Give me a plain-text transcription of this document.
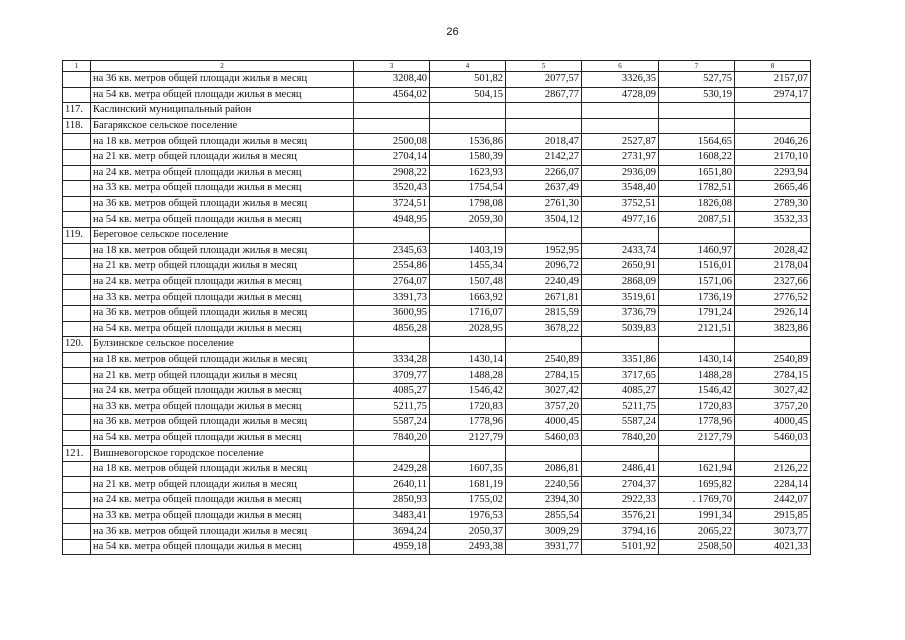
26
1	2	3	4	5	6	7	8
	на 36 кв. метров общей площади жилья в месяц	3208,40	501,82	2077,57	3326,35	527,75	2157,07
	на 54 кв. метра общей площади жилья в месяц	4564,02	504,15	2867,77	4728,09	530,19	2974,17
117.	Каслинский муниципальный район						
118.	Багарякское сельское поселение						
	на 18 кв. метров общей площади жилья в месяц	2500,08	1536,86	2018,47	2527,87	1564,65	2046,26
	на 21 кв. метр общей площади жилья в месяц	2704,14	1580,39	2142,27	2731,97	1608,22	2170,10
	на 24 кв. метра общей площади жилья в месяц	2908,22	1623,93	2266,07	2936,09	1651,80	2293,94
	на 33 кв. метра общей площади жилья в месяц	3520,43	1754,54	2637,49	3548,40	1782,51	2665,46
	на 36 кв. метров общей площади жилья в месяц	3724,51	1798,08	2761,30	3752,51	1826,08	2789,30
	на 54 кв. метра общей площади жилья в месяц	4948,95	2059,30	3504,12	4977,16	2087,51	3532,33
119.	Береговое сельское поселение						
	на 18 кв. метров общей площади жилья в месяц	2345,63	1403,19	1952,95	2433,74	1460,97	2028,42
	на 21 кв. метр общей площади жилья в месяц	2554,86	1455,34	2096,72	2650,91	1516,01	2178,04
	на 24 кв. метра общей площади жилья в месяц	2764,07	1507,48	2240,49	2868,09	1571,06	2327,66
	на 33 кв. метра общей площади жилья в месяц	3391,73	1663,92	2671,81	3519,61	1736,19	2776,52
	на 36 кв. метров общей площади жилья в месяц	3600,95	1716,07	2815,59	3736,79	1791,24	2926,14
	на 54 кв. метра общей площади жилья в месяц	4856,28	2028,95	3678,22	5039,83	2121,51	3823,86
120.	Булзинское сельское поселение						
	на 18 кв. метров общей площади жилья в месяц	3334,28	1430,14	2540,89	3351,86	1430,14	2540,89
	на 21 кв. метр общей площади жилья в месяц	3709,77	1488,28	2784,15	3717,65	1488,28	2784,15
	на 24 кв. метра общей площади жилья в месяц	4085,27	1546,42	3027,42	4085,27	1546,42	3027,42
	на 33 кв. метра общей площади жилья в месяц	5211,75	1720,83	3757,20	5211,75	1720,83	3757,20
	на 36 кв. метров общей площади жилья в месяц	5587,24	1778,96	4000,45	5587,24	1778,96	4000,45
	на 54 кв. метра общей площади жилья в месяц	7840,20	2127,79	5460,03	7840,20	2127,79	5460,03
121.	Вишневогорское городское поселение						
	на 18 кв. метров общей площади жилья в месяц	2429,28	1607,35	2086,81	2486,41	1621,94	2126,22
	на 21 кв. метр общей площади жилья в месяц	2640,11	1681,19	2240,56	2704,37	1695,82	2284,14
	на 24 кв. метра общей площади жилья в месяц	2850,93	1755,02	2394,30	2922,33	. 1769,70	2442,07
	на 33 кв. метра общей площади жилья в месяц	3483,41	1976,53	2855,54	3576,21	1991,34	2915,85
	на 36 кв. метров общей площади жилья в месяц	3694,24	2050,37	3009,29	3794,16	2065,22	3073,77
	на 54 кв. метра общей площади жилья в месяц	4959,18	2493,38	3931,77	5101,92	2508,50	4021,33
